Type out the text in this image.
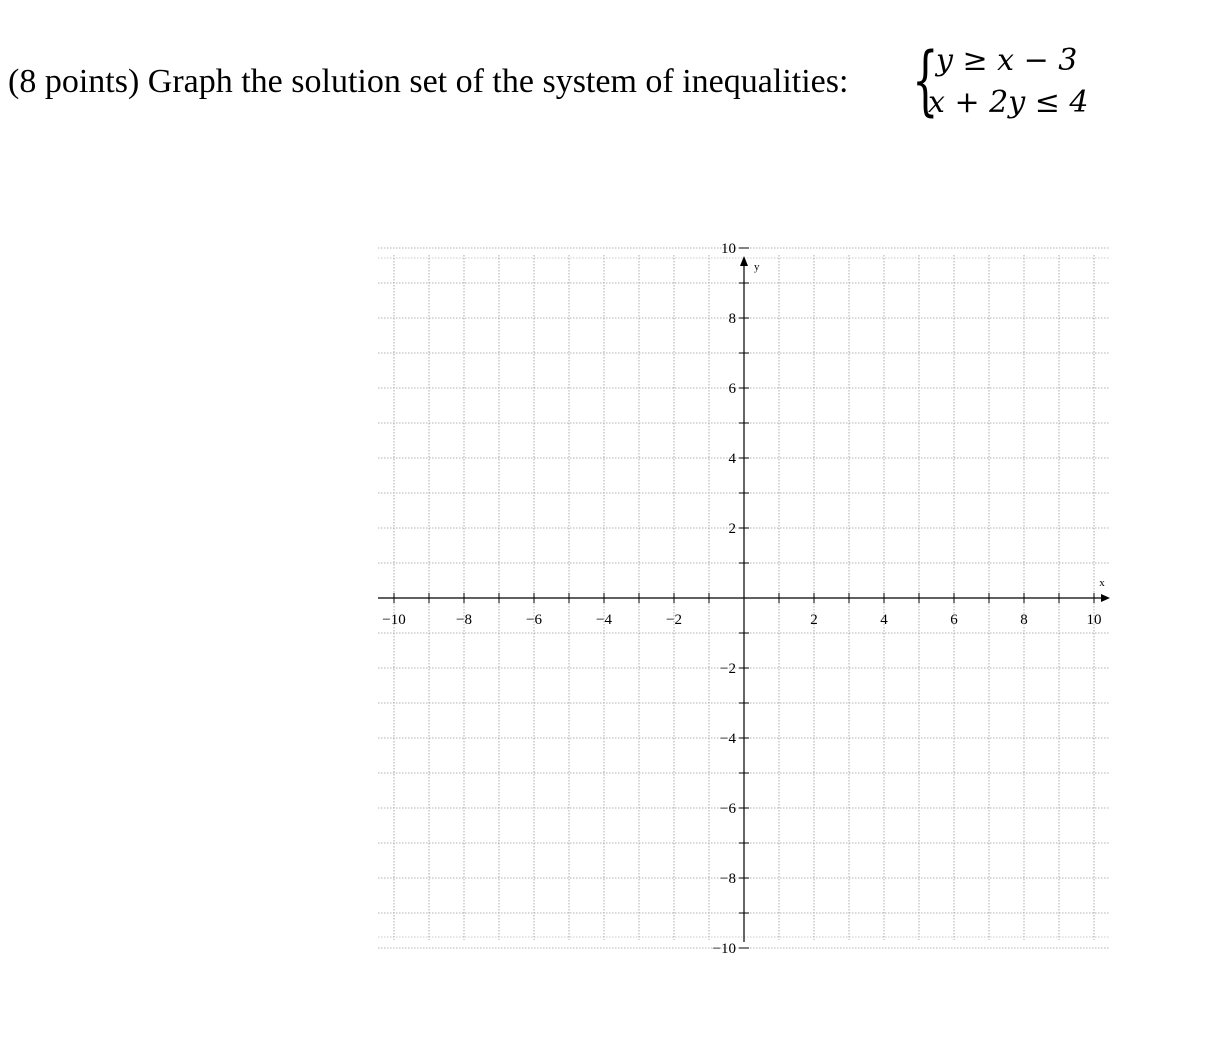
(8 points) Graph the solution set of the system of inequalities: {
y ≥ x − 3
x + 2y ≤ 4
−10	−8	−6	−4	−2	2	4	6	8	10
10
8
6
4
2
−2
−4
−6
−8
−10
x
y
